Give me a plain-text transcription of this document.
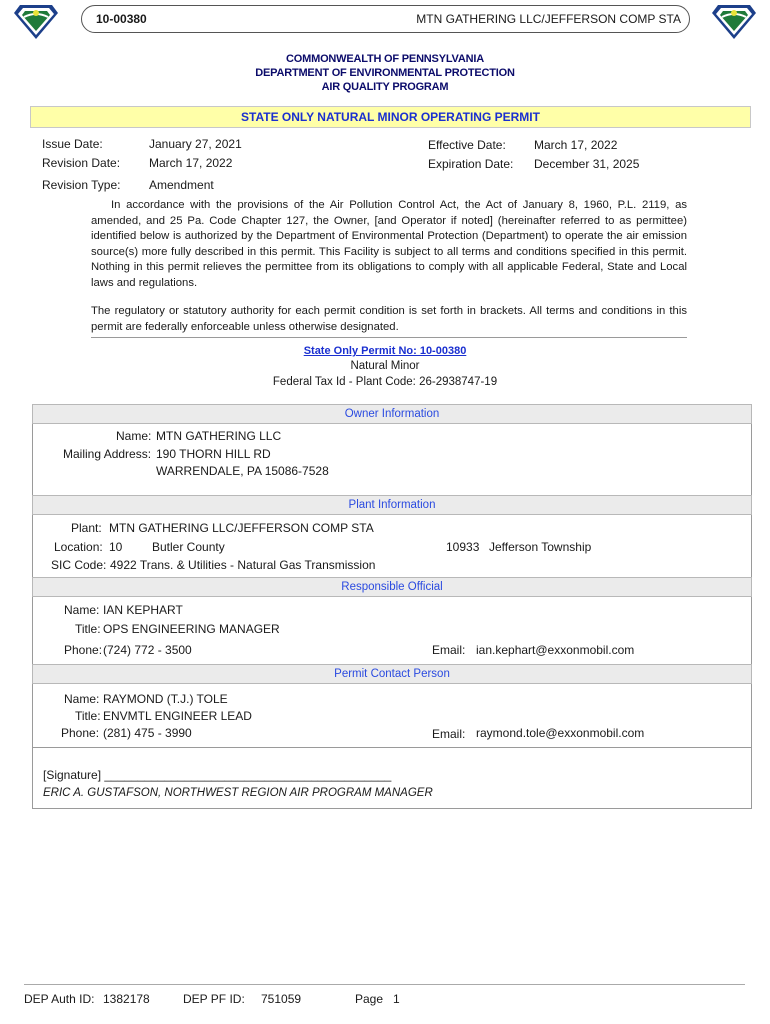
10-00380	MTN GATHERING LLC/JEFFERSON COMP STA
COMMONWEALTH OF PENNSYLVANIA
DEPARTMENT OF ENVIRONMENTAL PROTECTION
AIR QUALITY PROGRAM
STATE ONLY NATURAL MINOR OPERATING PERMIT
Issue Date:	January 27, 2021
Revision Date: March 17, 2022
Revision Type: Amendment
Effective Date: March 17, 2022
Expiration Date: December 31, 2025
In accordance with the provisions of the Air Pollution Control Act, the Act of January 8, 1960, P.L. 2119, as amended, and 25 Pa. Code Chapter 127, the Owner, [and Operator if noted] (hereinafter referred to as permittee) identified below is authorized by the Department of Environmental Protection (Department) to operate the air emission source(s) more fully described in this permit. This Facility is subject to all terms and conditions specified in this permit. Nothing in this permit relieves the permittee from its obligations to comply with all applicable Federal, State and Local laws and regulations.
The regulatory or statutory authority for each permit condition is set forth in brackets. All terms and conditions in this permit are federally enforceable unless otherwise designated.
State Only Permit No: 10-00380
Natural Minor
Federal Tax Id - Plant Code: 26-2938747-19
Owner Information
Name: MTN GATHERING LLC
Mailing Address: 190 THORN HILL RD
WARRENDALE, PA 15086-7528
Plant Information
Plant: MTN GATHERING LLC/JEFFERSON COMP STA
Location: 10 Butler County	10933 Jefferson Township
SIC Code: 4922 Trans. & Utilities - Natural Gas Transmission
Responsible Official
Name: IAN KEPHART
Title: OPS ENGINEERING MANAGER
Phone: (724) 772 - 3500	Email: ian.kephart@exxonmobil.com
Permit Contact Person
Name: RAYMOND (T.J.) TOLE
Title: ENVMTL ENGINEER LEAD
Phone: (281) 475 - 3990	Email: raymond.tole@exxonmobil.com
[Signature] ___________________________________________
ERIC A. GUSTAFSON, NORTHWEST REGION AIR PROGRAM MANAGER
DEP Auth ID: 1382178	DEP PF ID: 751059	Page 1
